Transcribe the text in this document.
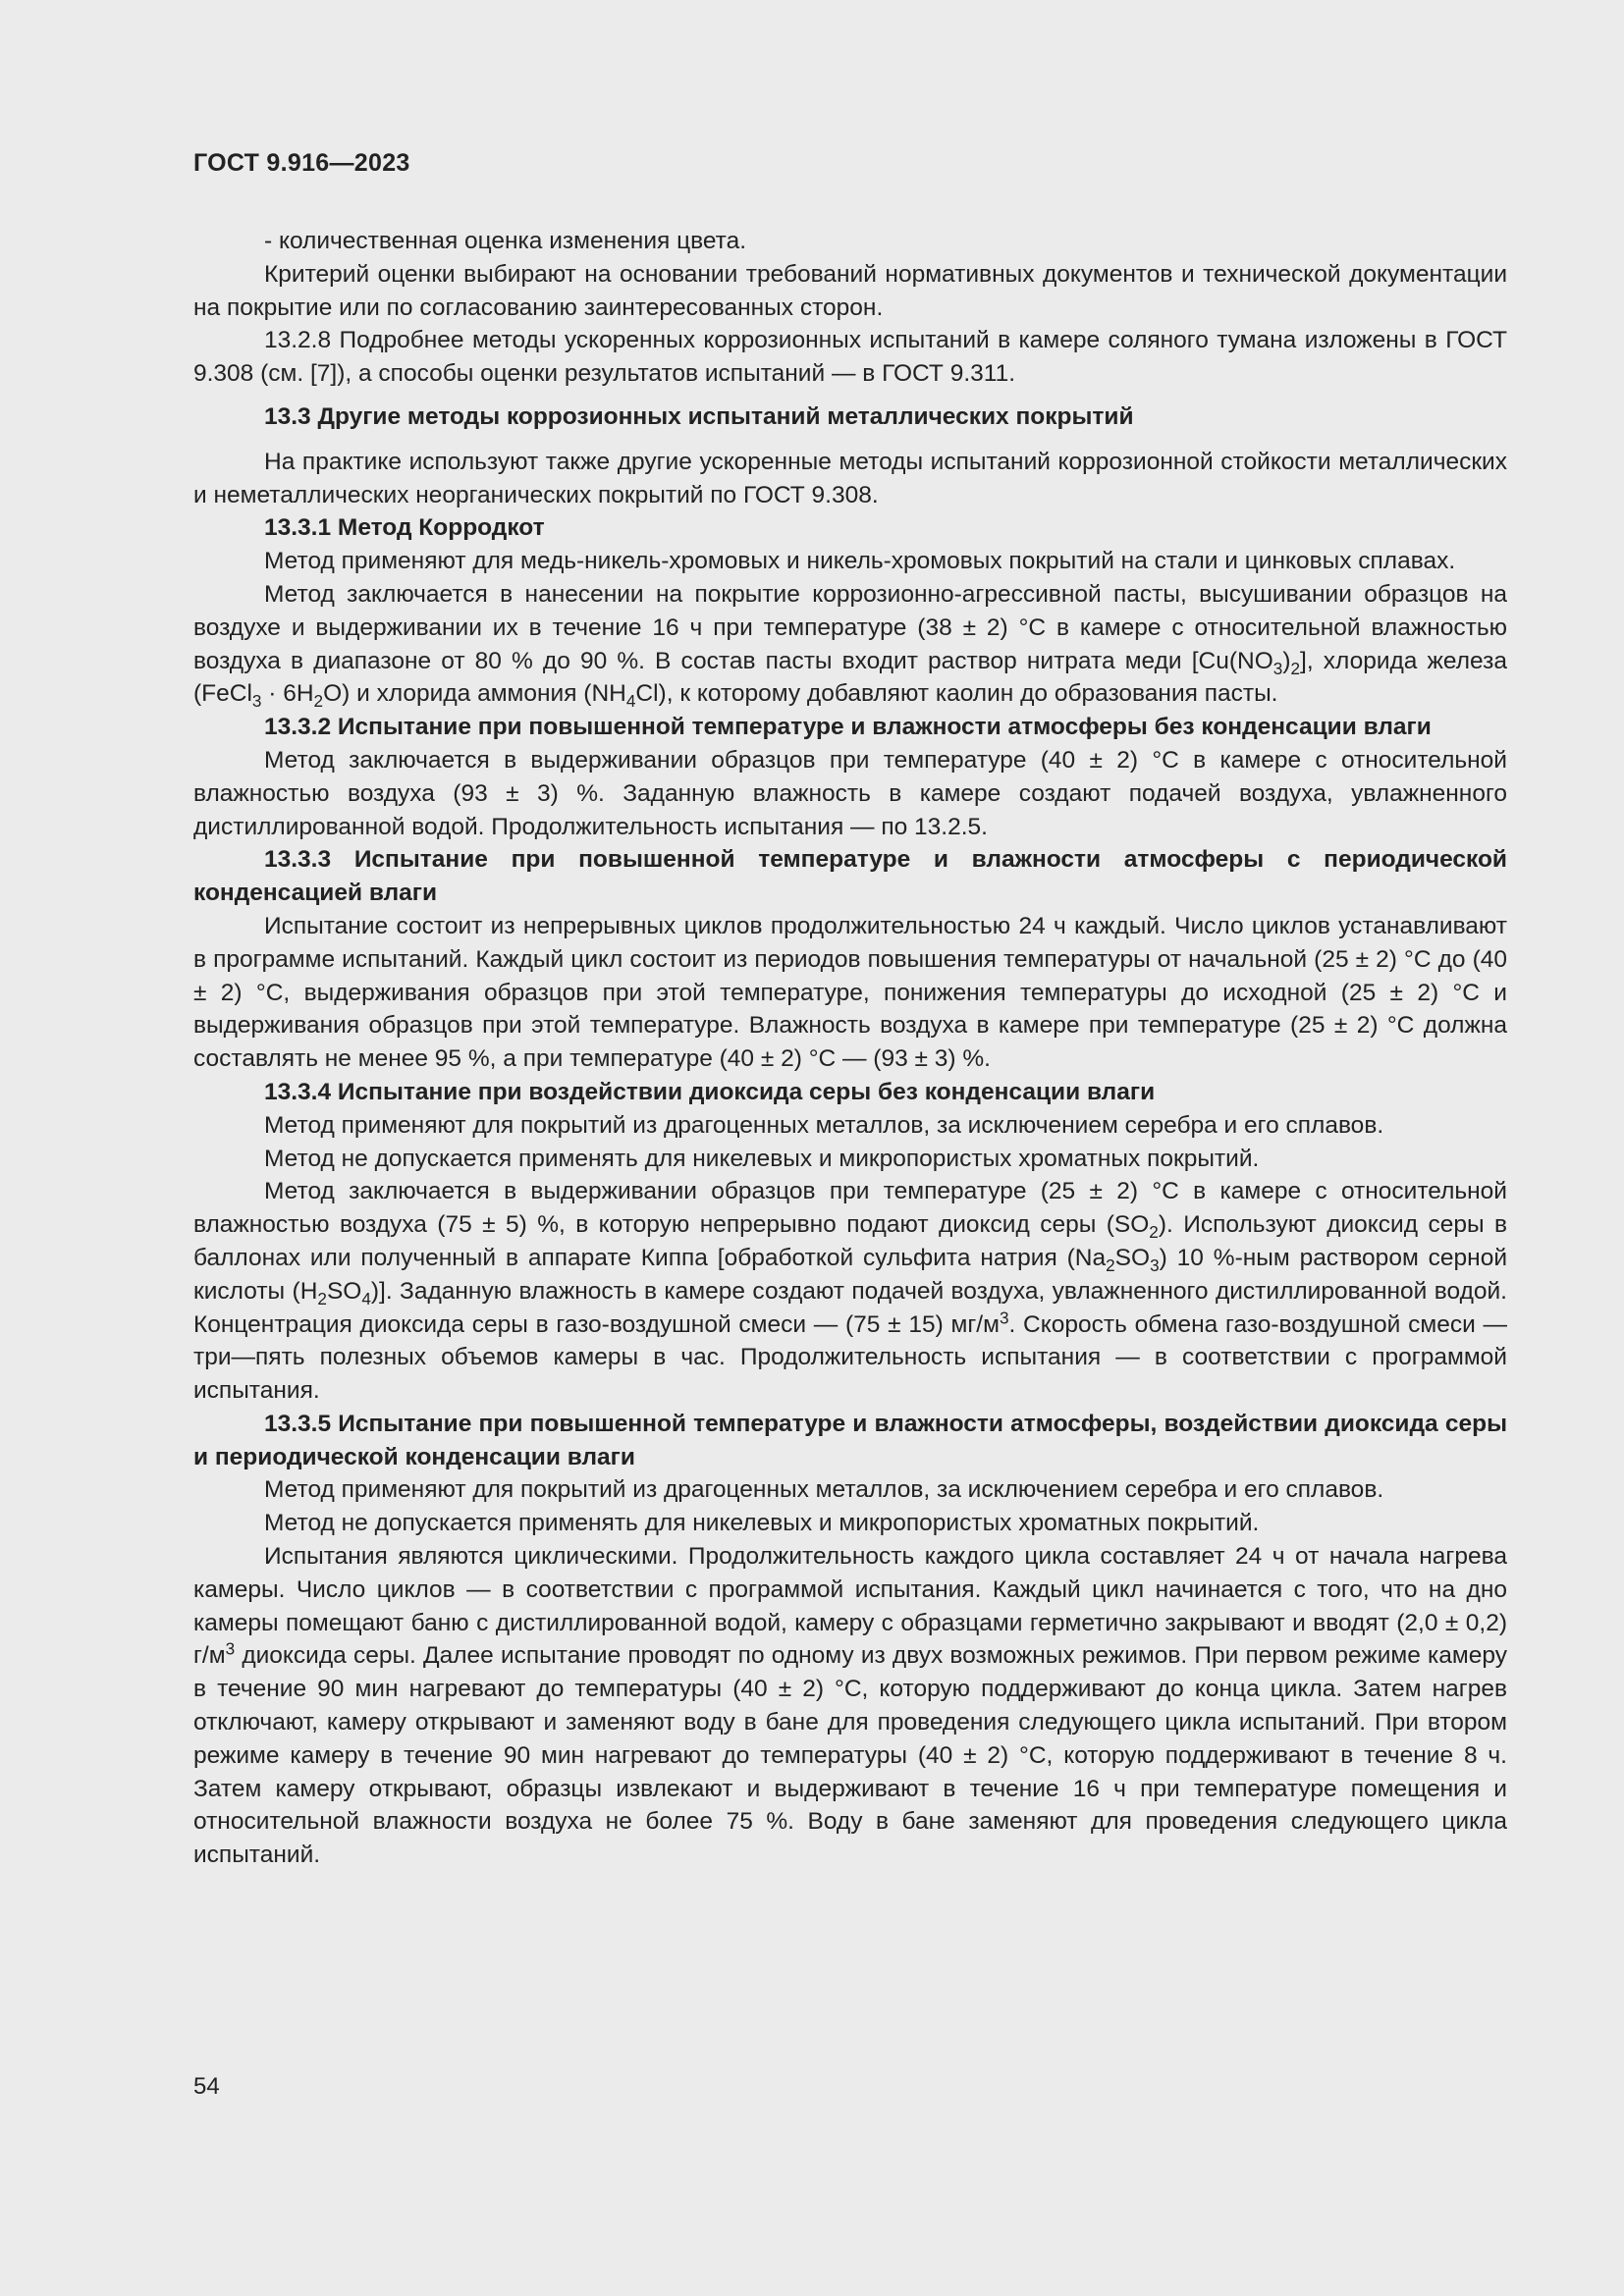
ГОСТ 9.916—2023

- количественная оценка изменения цвета.

Критерий оценки выбирают на основании требований нормативных документов и технической документации на покрытие или по согласованию заинтересованных сторон.

13.2.8 Подробнее методы ускоренных коррозионных испытаний в камере соляного тумана изложены в ГОСТ 9.308 (см. [7]), а способы оценки результатов испытаний — в ГОСТ 9.311.

13.3 Другие методы коррозионных испытаний металлических покрытий

На практике используют также другие ускоренные методы испытаний коррозионной стойкости металлических и неметаллических неорганических покрытий по ГОСТ 9.308.

13.3.1 Метод Корродкот

Метод применяют для медь-никель-хромовых и никель-хромовых покрытий на стали и цинковых сплавах.

Метод заключается в нанесении на покрытие коррозионно-агрессивной пасты, высушивании образцов на воздухе и выдерживании их в течение 16 ч при температуре (38 ± 2) °С в камере с относительной влажностью воздуха в диапазоне от 80 % до 90 %. В состав пасты входит раствор нитрата меди $[Cu(NO_3)_2]$, хлорида железа (FeCl$_3$ · $6H_2O$) и хлорида аммония $(NH_4Cl)$, к которому добавляют каолин до образования пасты.

13.3.2 Испытание при повышенной температуре и влажности атмосферы без конденсации влаги

Метод заключается в выдерживании образцов при температуре (40 ± 2) °С в камере с относительной влажностью воздуха (93 ± 3) %. Заданную влажность в камере создают подачей воздуха, увлажненного дистиллированной водой. Продолжительность испытания — по 13.2.5.

13.3.3 Испытание при повышенной температуре и влажности атмосферы с периодической конденсацией влаги

Испытание состоит из непрерывных циклов продолжительностью 24 ч каждый. Число циклов устанавливают в программе испытаний. Каждый цикл состоит из периодов повышения температуры от начальной (25 ± 2) °С до (40 ± 2) °С, выдерживания образцов при этой температуре, понижения температуры до исходной (25 ± 2) °С и выдерживания образцов при этой температуре. Влажность воздуха в камере при температуре (25 ± 2) °С должна составлять не менее 95 %, а при температуре (40 ± 2) °С — (93 ± 3) %.

13.3.4 Испытание при воздействии диоксида серы без конденсации влаги

Метод применяют для покрытий из драгоценных металлов, за исключением серебра и его сплавов.

Метод не допускается применять для никелевых и микропористых хроматных покрытий.

Метод заключается в выдерживании образцов при температуре (25 ± 2) °С в камере с относительной влажностью воздуха (75 ± 5) %, в которую непрерывно подают диоксид серы $(SO_2)$. Используют диоксид серы в баллонах или полученный в аппарате Киппа [обработкой сульфита натрия $(Na_2SO_3)$ 10 %-ным раствором серной кислоты $(H_2SO_4)$]. Заданную влажность в камере создают подачей воздуха, увлажненного дистиллированной водой. Концентрация диоксида серы в газо-воздушной смеси — (75 ± 15) $мг/м^3$. Скорость обмена газо-воздушной смеси — три—пять полезных объемов камеры в час. Продолжительность испытания — в соответствии с программой испытания.

13.3.5 Испытание при повышенной температуре и влажности атмосферы, воздействии диоксида серы и периодической конденсации влаги

Метод применяют для покрытий из драгоценных металлов, за исключением серебра и его сплавов.

Метод не допускается применять для никелевых и микропористых хроматных покрытий.

Испытания являются циклическими. Продолжительность каждого цикла составляет 24 ч от начала нагрева камеры. Число циклов — в соответствии с программой испытания. Каждый цикл начинается с того, что на дно камеры помещают баню с дистиллированной водой, камеру с образцами герметично закрывают и вводят (2,0 ± 0,2) $г/м^3$ диоксида серы. Далее испытание проводят по одному из двух возможных режимов. При первом режиме камеру в течение 90 мин нагревают до температуры (40 ± 2) °С, которую поддерживают до конца цикла. Затем нагрев отключают, камеру открывают и заменяют воду в бане для проведения следующего цикла испытаний. При втором режиме камеру в течение 90 мин нагревают до температуры (40 ± 2) °С, которую поддерживают в течение 8 ч. Затем камеру открывают, образцы извлекают и выдерживают в течение 16 ч при температуре помещения и относительной влажности воздуха не более 75 %. Воду в бане заменяют для проведения следующего цикла испытаний.

54
